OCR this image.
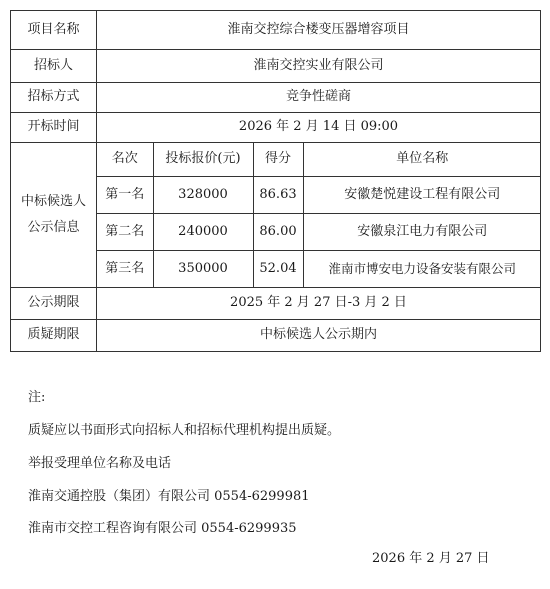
项目名称	淮南交控综合楼变压器增容项目
招标人	淮南交控实业有限公司
招标方式	竞争性磋商
开标时间	2026 年 2 月 14 日 09:00

中标候选人
公示信息

名次	投标报价(元)	得分	单位名称
第一名	328000	86.63	安徽楚悦建设工程有限公司
第二名	240000	86.00	安徽泉江电力有限公司
第三名	350000	52.04	淮南市博安电力设备安装有限公司

公示期限	2025 年 2 月 27 日-3 月 2 日
质疑期限	中标候选人公示期内
注:
质疑应以书面形式向招标人和招标代理机构提出质疑。
举报受理单位名称及电话
淮南交通控股（集团）有限公司 0554-6299981
淮南市交控工程咨询有限公司 0554-6299935
2026 年 2 月 27 日
